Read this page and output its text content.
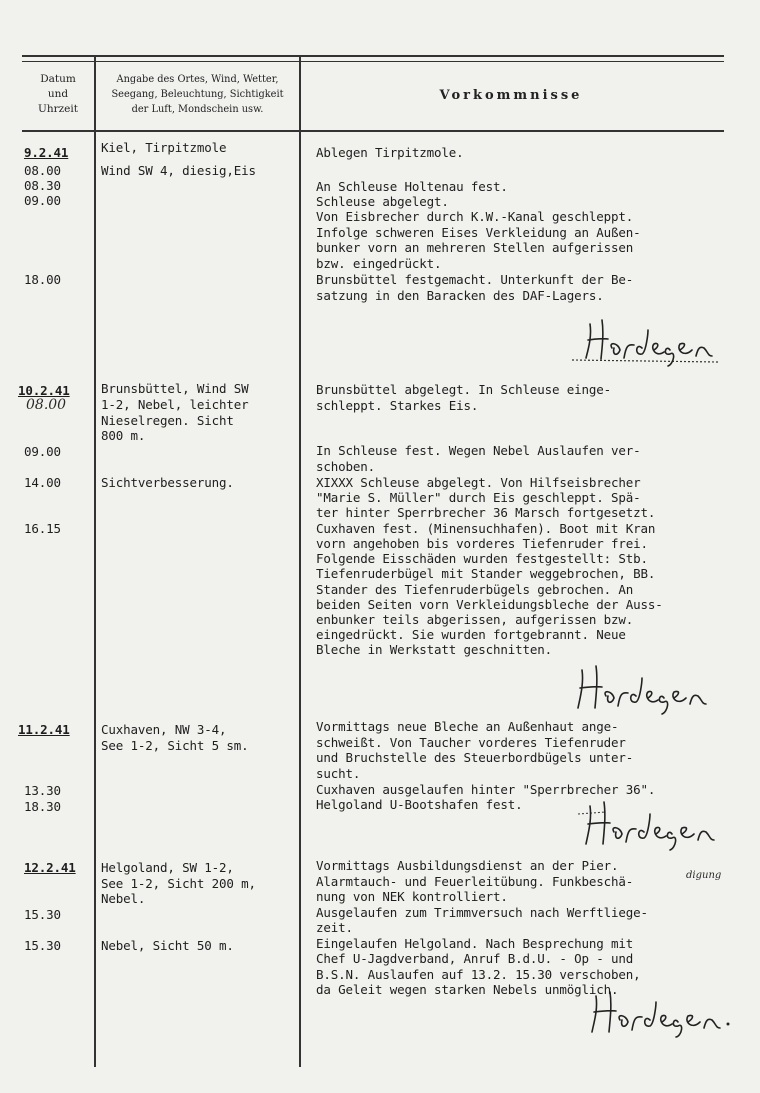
Datum
und
Uhrzeit
Angabe des Ortes, Wind, Wetter,
Seegang, Beleuchtung, Sichtigkeit
der Luft, Mondschein usw.
Vorkommnisse
9.2.41
08.00
08.30
09.00
18.00
Kiel, Tirpitzmole
Wind SW 4, diesig,Eis
Ablegen Tirpitzmole.
An Schleuse Holtenau fest.
Schleuse abgelegt.
Von Eisbrecher durch K.W.-Kanal geschleppt.
Infolge schweren Eises Verkleidung an Außen-
bunker vorn an mehreren Stellen aufgerissen
bzw. eingedrückt.
Brunsbüttel festgemacht. Unterkunft der Be-
satzung in den Baracken des DAF-Lagers.
10.2.41
08.00
09.00
14.00
16.15
Brunsbüttel, Wind SW
1-2, Nebel, leichter
Nieselregen. Sicht
800 m.
Sichtverbesserung.
Brunsbüttel abgelegt. In Schleuse einge-
schleppt. Starkes Eis.
In Schleuse fest. Wegen Nebel Auslaufen ver-
schoben.
XIXXX Schleuse abgelegt. Von Hilfseisbrecher
"Marie S. Müller" durch Eis geschleppt. Spä-
ter hinter Sperrbrecher 36 Marsch fortgesetzt.
Cuxhaven fest. (Minensuchhafen). Boot mit Kran
vorn angehoben bis vorderes Tiefenruder frei.
Folgende Eisschäden wurden festgestellt: Stb.
Tiefenruderbügel mit Stander weggebrochen, BB.
Stander des Tiefenruderbügels gebrochen. An
beiden Seiten vorn Verkleidungsbleche der Auss-
enbunker teils abgerissen, aufgerissen bzw.
eingedrückt. Sie wurden fortgebrannt. Neue
Bleche in Werkstatt geschnitten.
11.2.41
13.30
18.30
Cuxhaven, NW 3-4,
See 1-2, Sicht 5 sm.
Vormittags neue Bleche an Außenhaut ange-
schweißt. Von Taucher vorderes Tiefenruder
und Bruchstelle des Steuerbordbügels unter-
sucht.
Cuxhaven ausgelaufen hinter "Sperrbrecher 36".
Helgoland U-Bootshafen fest.
12.2.41
15.30
15.30
Helgoland, SW 1-2,
See 1-2, Sicht 200 m,
Nebel.
Nebel, Sicht 50 m.
Vormittags Ausbildungsdienst an der Pier.
Alarmtauch- und Feuerleitübung. Funkbeschä-
nung von NEK kontrolliert.
Ausgelaufen zum Trimmversuch nach Werftliege-
zeit.
Eingelaufen Helgoland. Nach Besprechung mit
Chef U-Jagdverband, Anruf B.d.U. - Op - und
B.S.N. Auslaufen auf 13.2. 15.30 verschoben,
da Geleit wegen starken Nebels unmöglich.
digung
